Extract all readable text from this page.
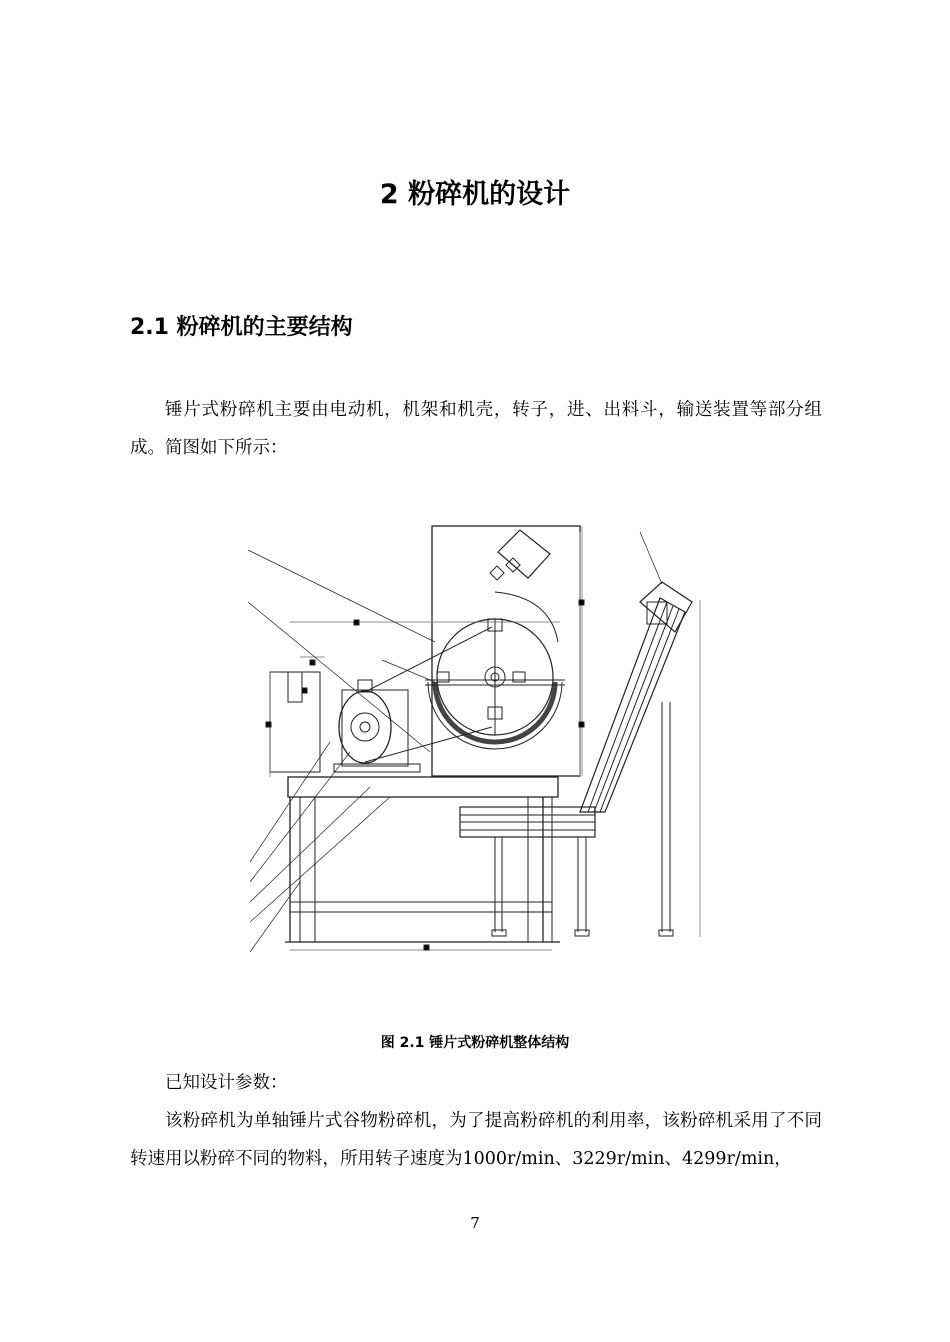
2 粉碎机的设计
2.1 粉碎机的主要结构
锤片式粉碎机主要由电动机，机架和机壳，转子，进、出料斗，输送装置等部分组成。简图如下所示：
图 2.1 锤片式粉碎机整体结构
已知设计参数：
该粉碎机为单轴锤片式谷物粉碎机，为了提高粉碎机的利用率，该粉碎机采用了不同转速用以粉碎不同的物料，所用转子速度为1000r/min、3229r/min、4299r/min，
7
